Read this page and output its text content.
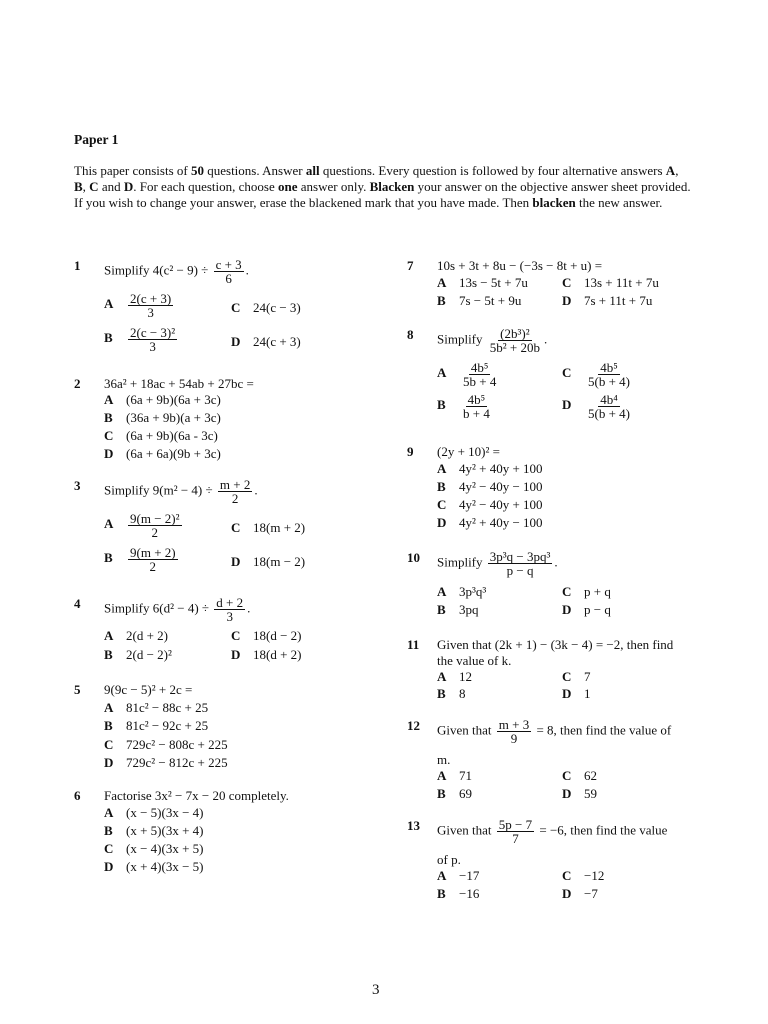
Paper 1
This paper consists of 50 questions. Answer all questions. Every question is followed by four alternative answers A, B, C and D. For each question, choose one answer only. Blacken your answer on the objective answer sheet provided. If you wish to change your answer, erase the blackened mark that you have made. Then blacken the new answer.
1 Simplify $4(c^2 - 9) \div \frac{c + 3}{6}$ .
A $\frac{2(c + 3)}{3}$	C 24(c − 3)
B $\frac{\text{2(c − 3)²}}{3}$	D 24(c + 3)
2 36a² + 18ac + 54ab + 27bc =
A (6a + 9b)(6a + 3c)
B (36a + 9b)(a + 3c)
C (6a + 9b)(6a - 3c)
D (6a + 6a)(9b + 3c)
3 Simplify $9(m^2 - 4) \div \frac{m + 2}{2}$ .
A $\frac{\text{9(m − 2)²}}{2}$	C 18(m + 2)
B $\frac{9(m + 2)}{2}$	D 18(m − 2)
4 Simplify $6(d^2 - 4) \div \frac{d + 2}{3}$ .
A 2(d + 2)	C 18(d − 2)
B 2(d − 2)²	D 18(d + 2)
5 9(9c − 5)² + 2c =
A 81c² − 88c + 25
B 81c² − 92c + 25
C 729c² − 808c + 225
D 729c² − 812c + 225
6 Factorise 3x² − 7x − 20 completely.
A (x − 5)(3x − 4)
B (x + 5)(3x + 4)
C (x − 4)(3x + 5)
D (x + 4)(3x − 5)
7 10s + 3t + 8u − (−3s − 8t + u) =
A 13s − 5t + 7u	C 13s + 11t + 7u
B 7s − 5t + 9u	D 7s + 11t + 7u
8 Simplify $\frac{\text{(2b³)²}}{\text{5b² + 20b}}$ .
A $\frac{\text{4b⁵}}{5b + 4}$	C $\frac{\text{4b⁵}}{5(b + 4)}$
B $\frac{\text{4b⁵}}{b + 4}$	D $\frac{\text{4b⁴}}{5(b + 4)}$
9 (2y + 10)² =
A 4y² + 40y + 100
B 4y² − 40y − 100
C 4y² − 40y + 100
D 4y² + 40y − 100
10 Simplify $\frac{\text{3p³q − 3pq³}}{p - q}$ .
A 3p³q³	C p + q
B 3pq	D p − q
11 Given that (2k + 1) − (3k − 4) = −2, then find
the value of k.
A 12	C 7
B 8	D 1
12 Given that $\frac{m + 3}{9} = 8$, then find the value of
m.
A 71	C 62
B 69	D 59
13 Given that $\frac{5p - 7}{7} = -6$, then find the value
of p.
A −17	C −12
B −16	D −7
3
